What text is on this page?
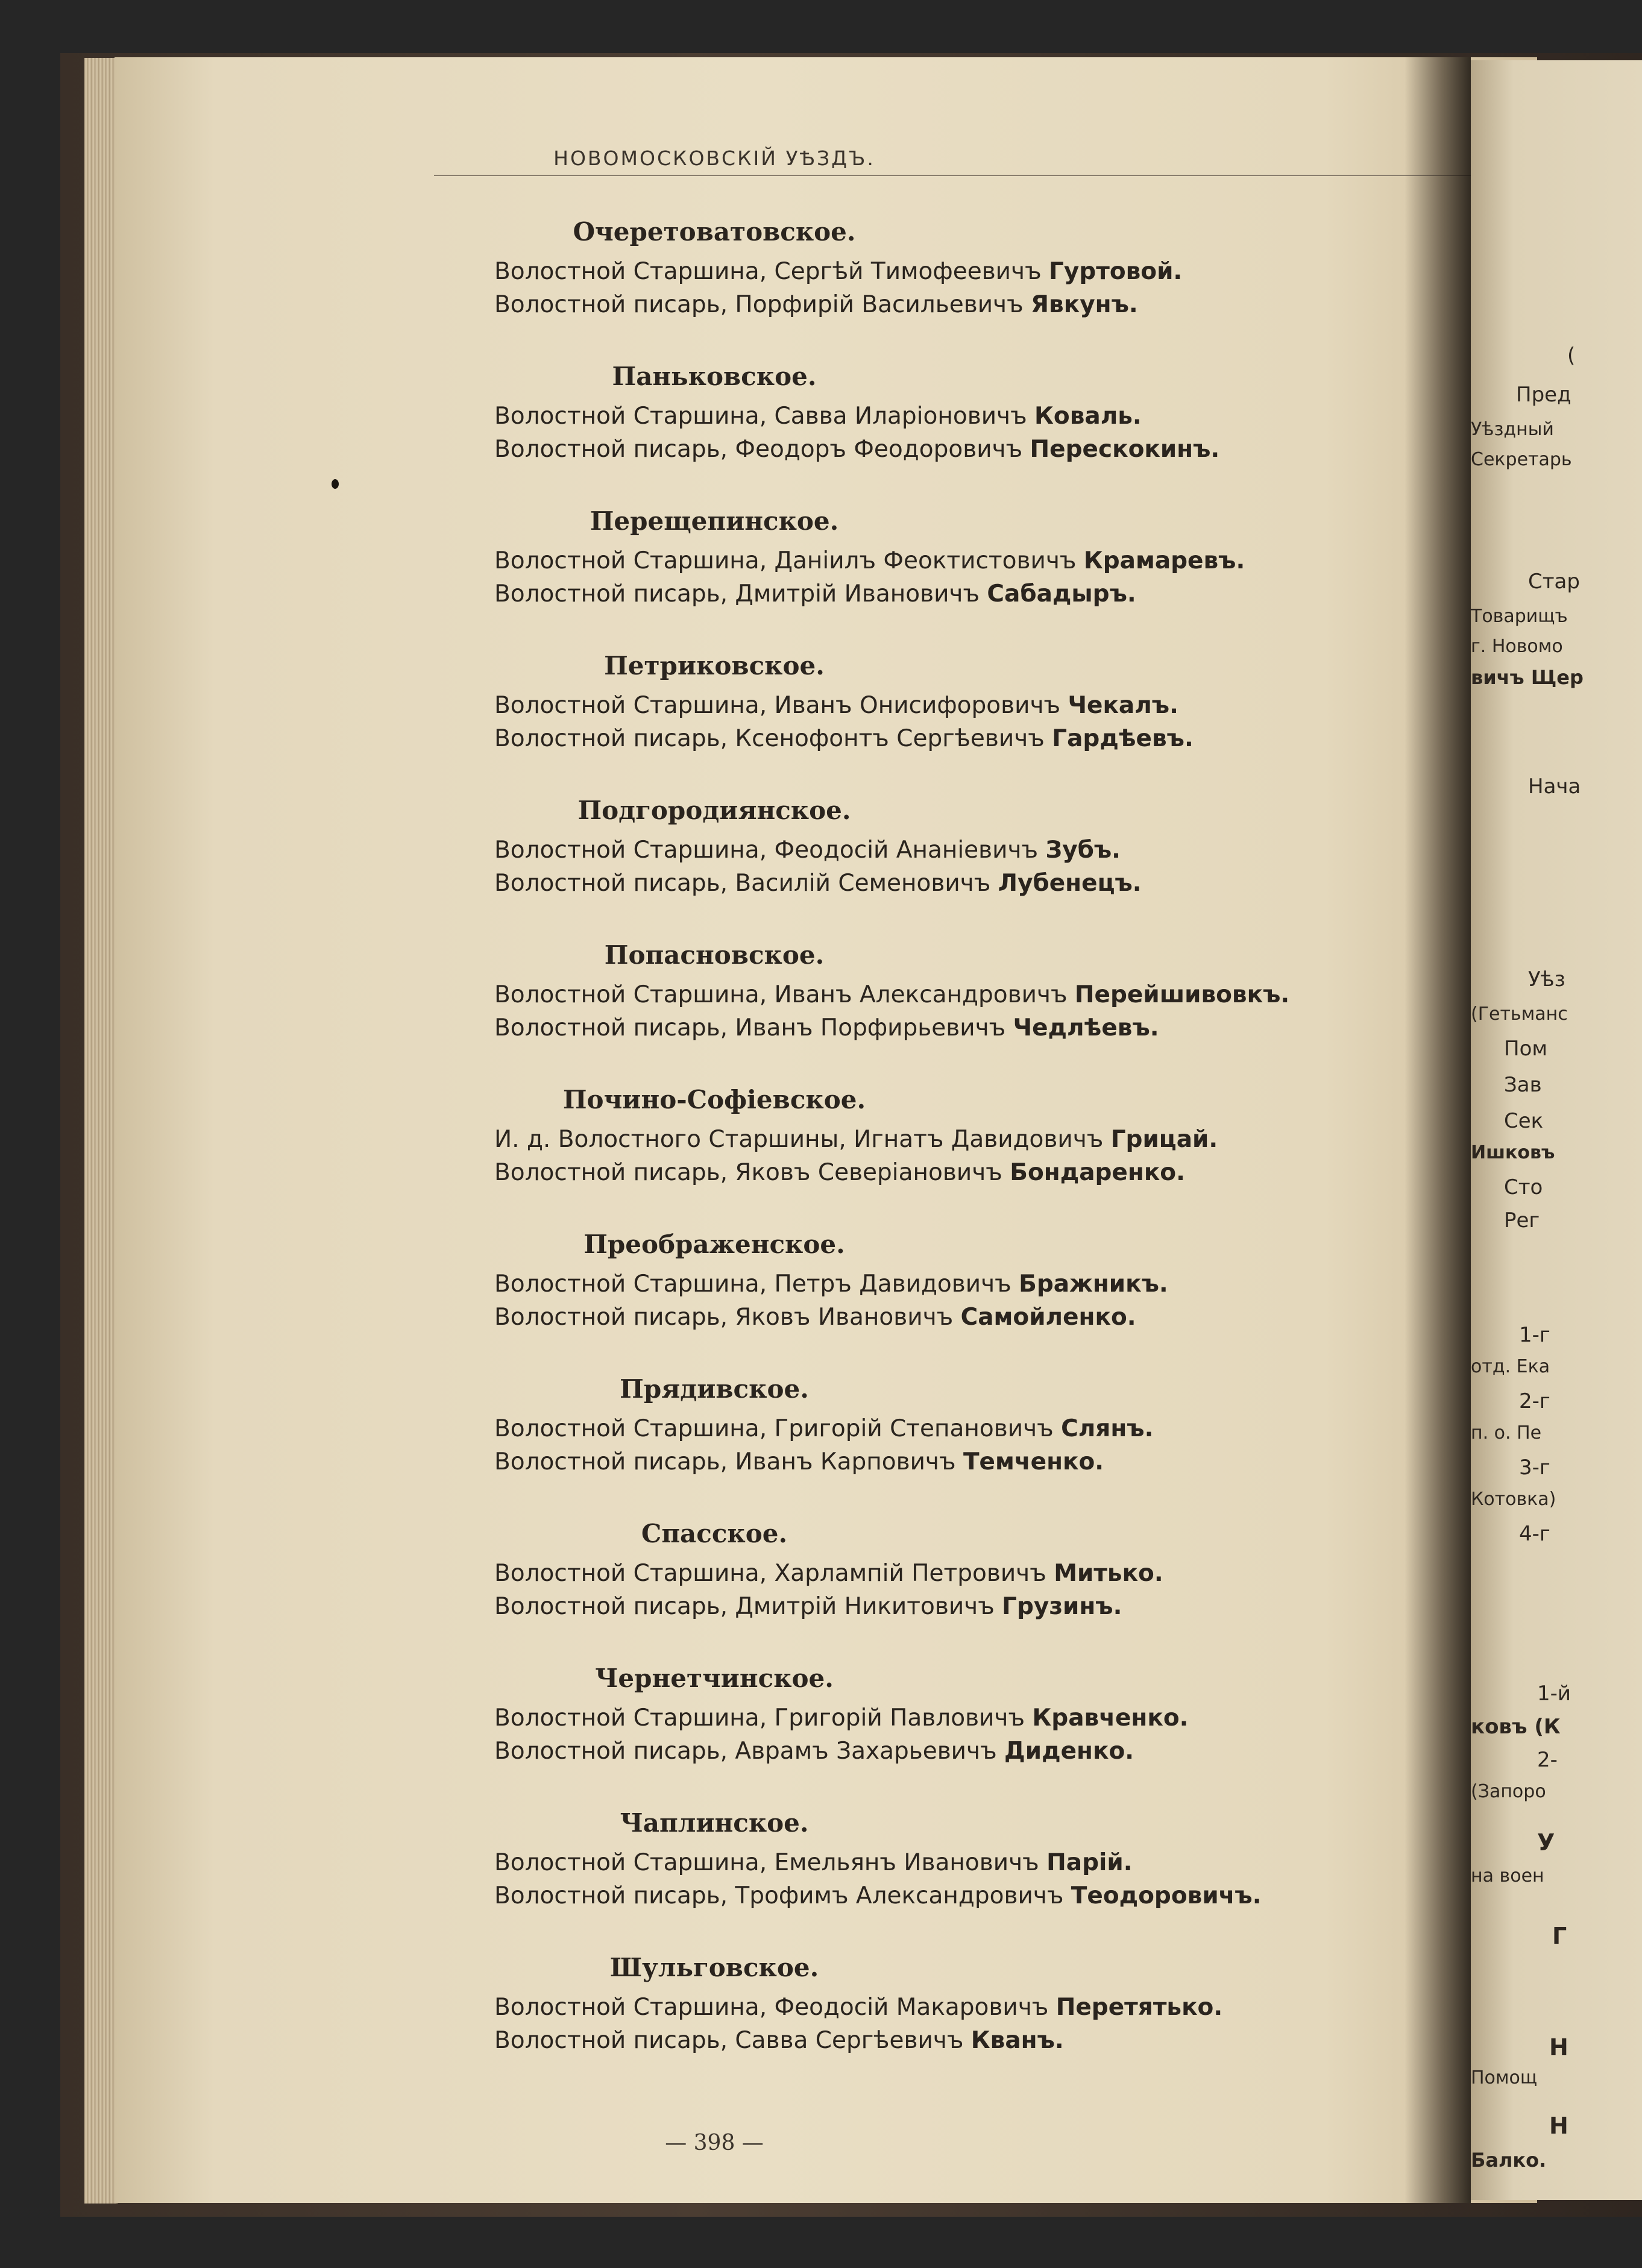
НОВОМОСКОВСКІЙ УѢЗДЪ.
Очеретоватовское.
Волостной Старшина, Сергѣй Тимофеевичъ Гуртовой.
Волостной писарь, Порфирій Васильевичъ Явкунъ.
Паньковское.
Волостной Старшина, Савва Иларіоновичъ Коваль.
Волостной писарь, Феодоръ Феодоровичъ Перескокинъ.
Перещепинское.
Волостной Старшина, Даніилъ Феоктистовичъ Крамаревъ.
Волостной писарь, Дмитрій Ивановичъ Сабадыръ.
Петриковское.
Волостной Старшина, Иванъ Онисифоровичъ Чекалъ.
Волостной писарь, Ксенофонтъ Сергѣевичъ Гардѣевъ.
Подгородиянское.
Волостной Старшина, Феодосій Ананіевичъ Зубъ.
Волостной писарь, Василій Семеновичъ Лубенецъ.
Попасновское.
Волостной Старшина, Иванъ Александровичъ Перейшивовкъ.
Волостной писарь, Иванъ Порфирьевичъ Чедлѣевъ.
Почино-Софіевское.
И. д. Волостного Старшины, Игнатъ Давидовичъ Грицай.
Волостной писарь, Яковъ Северіановичъ Бондаренко.
Преображенское.
Волостной Старшина, Петръ Давидовичъ Бражникъ.
Волостной писарь, Яковъ Ивановичъ Самойленко.
Прядивское.
Волостной Старшина, Григорій Степановичъ Слянъ.
Волостной писарь, Иванъ Карповичъ Темченко.
Спасское.
Волостной Старшина, Харлампій Петровичъ Митько.
Волостной писарь, Дмитрій Никитовичъ Грузинъ.
Чернетчинское.
Волостной Старшина, Григорій Павловичъ Кравченко.
Волостной писарь, Аврамъ Захарьевичъ Диденко.
Чаплинское.
Волостной Старшина, Емельянъ Ивановичъ Парій.
Волостной писарь, Трофимъ Александровичъ Теодоровичъ.
Шульговское.
Волостной Старшина, Феодосій Макаровичъ Перетятько.
Волостной писарь, Савва Сергѣевичъ Кванъ.
— 398 —
(
Пред
Уѣздный
Секретарь
Стар
Товарищъ
г. Новомо
вичъ Щер
Нача
Уѣз
(Гетьманс
Пом
Зав
Сек
Ишковъ
Сто
Рег
1-г
отд. Ека
2-г
п. о. Пе
3-г
Котовка)
4-г
1-й
ковъ (К
2-
(Запоро
У
на воен
Г
Н
Помощ
Н
Балко.
